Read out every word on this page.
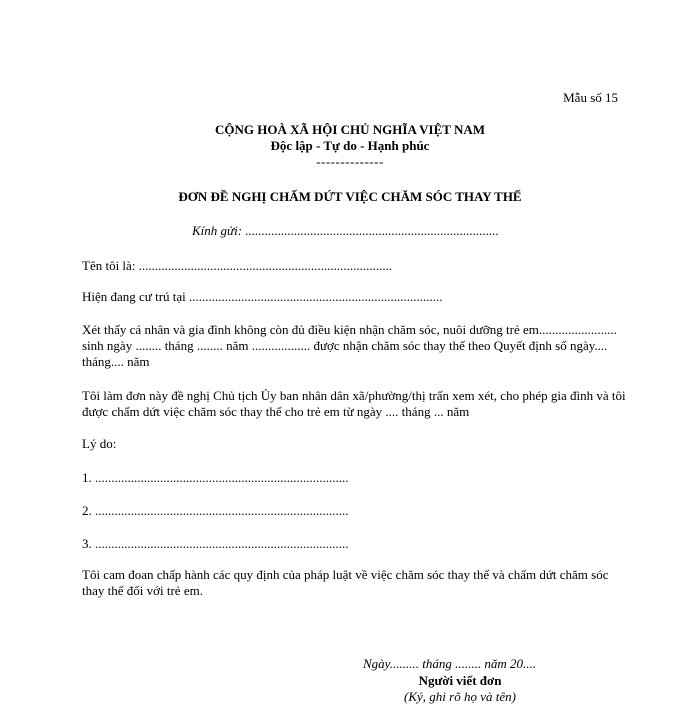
Mẫu số 15
CỘNG HOÀ XÃ HỘI CHỦ NGHĨA VIỆT NAM
Độc lập - Tự do - Hạnh phúc
--------------
ĐƠN ĐỀ NGHỊ CHẤM DỨT VIỆC CHĂM SÓC THAY THẾ
Kính gửi: ..............................................................................
Tên tôi là: ..............................................................................
Hiện đang cư trú tại ..............................................................................
Xét thấy cá nhân và gia đình không còn đủ điều kiện nhận chăm sóc, nuôi dưỡng trẻ em........................ sinh ngày ........ tháng ........ năm .................. được nhận chăm sóc thay thế theo Quyết định số ngày.... tháng.... năm
Tôi làm đơn này đề nghị Chủ tịch Ủy ban nhân dân xã/phường/thị trấn xem xét, cho phép gia đình và tôi được chấm dứt việc chăm sóc thay thế cho trẻ em từ ngày .... tháng ... năm
Lý do:
1. ..............................................................................
2. ..............................................................................
3. ..............................................................................
Tôi cam đoan chấp hành các quy định của pháp luật về việc chăm sóc thay thế và chấm dứt chăm sóc thay thế đối với trẻ em.
Ngày......... tháng ........ năm 20....
Người viết đơn
(Ký, ghi rõ họ và tên)
